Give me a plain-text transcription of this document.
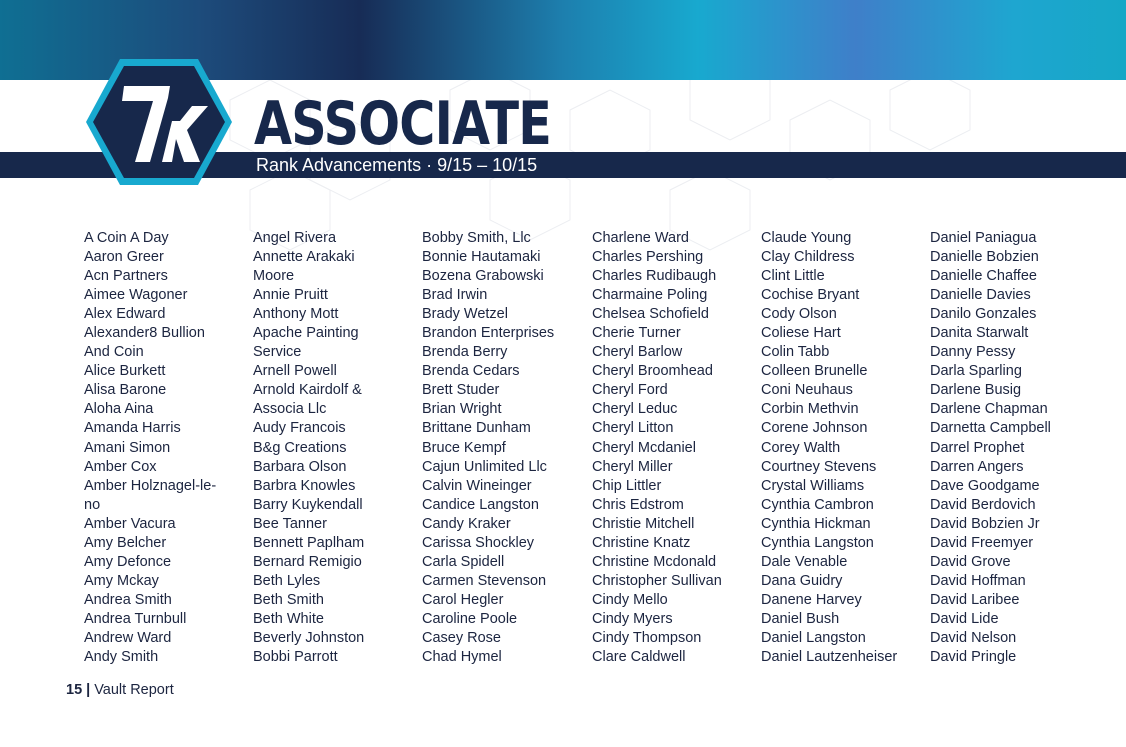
ASSOCIATE
Rank Advancements · 9/15 – 10/15
A Coin A Day
Aaron Greer
Acn Partners
Aimee Wagoner
Alex Edward
Alexander8 Bullion
And Coin
Alice Burkett
Alisa Barone
Aloha Aina
Amanda Harris
Amani Simon
Amber Cox
Amber Holznagel-le-
no
Amber Vacura
Amy Belcher
Amy Defonce
Amy Mckay
Andrea Smith
Andrea Turnbull
Andrew Ward
Andy Smith
Angel Rivera
Annette Arakaki
Moore
Annie Pruitt
Anthony Mott
Apache Painting
Service
Arnell Powell
Arnold Kairdolf &
Associa Llc
Audy Francois
B&g Creations
Barbara Olson
Barbra Knowles
Barry Kuykendall
Bee Tanner
Bennett Paplham
Bernard Remigio
Beth Lyles
Beth Smith
Beth White
Beverly Johnston
Bobbi Parrott
Bobby Smith, Llc
Bonnie Hautamaki
Bozena Grabowski
Brad Irwin
Brady Wetzel
Brandon Enterprises
Brenda Berry
Brenda Cedars
Brett Studer
Brian Wright
Brittane Dunham
Bruce Kempf
Cajun Unlimited Llc
Calvin Wineinger
Candice Langston
Candy Kraker
Carissa Shockley
Carla Spidell
Carmen Stevenson
Carol Hegler
Caroline Poole
Casey Rose
Chad Hymel
Charlene Ward
Charles Pershing
Charles Rudibaugh
Charmaine Poling
Chelsea Schofield
Cherie Turner
Cheryl Barlow
Cheryl Broomhead
Cheryl Ford
Cheryl Leduc
Cheryl Litton
Cheryl Mcdaniel
Cheryl Miller
Chip Littler
Chris Edstrom
Christie Mitchell
Christine Knatz
Christine Mcdonald
Christopher Sullivan
Cindy Mello
Cindy Myers
Cindy Thompson
Clare Caldwell
Claude Young
Clay Childress
Clint Little
Cochise Bryant
Cody Olson
Coliese Hart
Colin Tabb
Colleen Brunelle
Coni Neuhaus
Corbin Methvin
Corene Johnson
Corey Walth
Courtney Stevens
Crystal Williams
Cynthia Cambron
Cynthia Hickman
Cynthia Langston
Dale Venable
Dana Guidry
Danene Harvey
Daniel Bush
Daniel Langston
Daniel Lautzenheiser
Daniel Paniagua
Danielle Bobzien
Danielle Chaffee
Danielle Davies
Danilo Gonzales
Danita Starwalt
Danny Pessy
Darla Sparling
Darlene Busig
Darlene Chapman
Darnetta Campbell
Darrel Prophet
Darren Angers
Dave Goodgame
David Berdovich
David Bobzien Jr
David Freemyer
David Grove
David Hoffman
David Laribee
David Lide
David Nelson
David Pringle
15 | Vault Report
